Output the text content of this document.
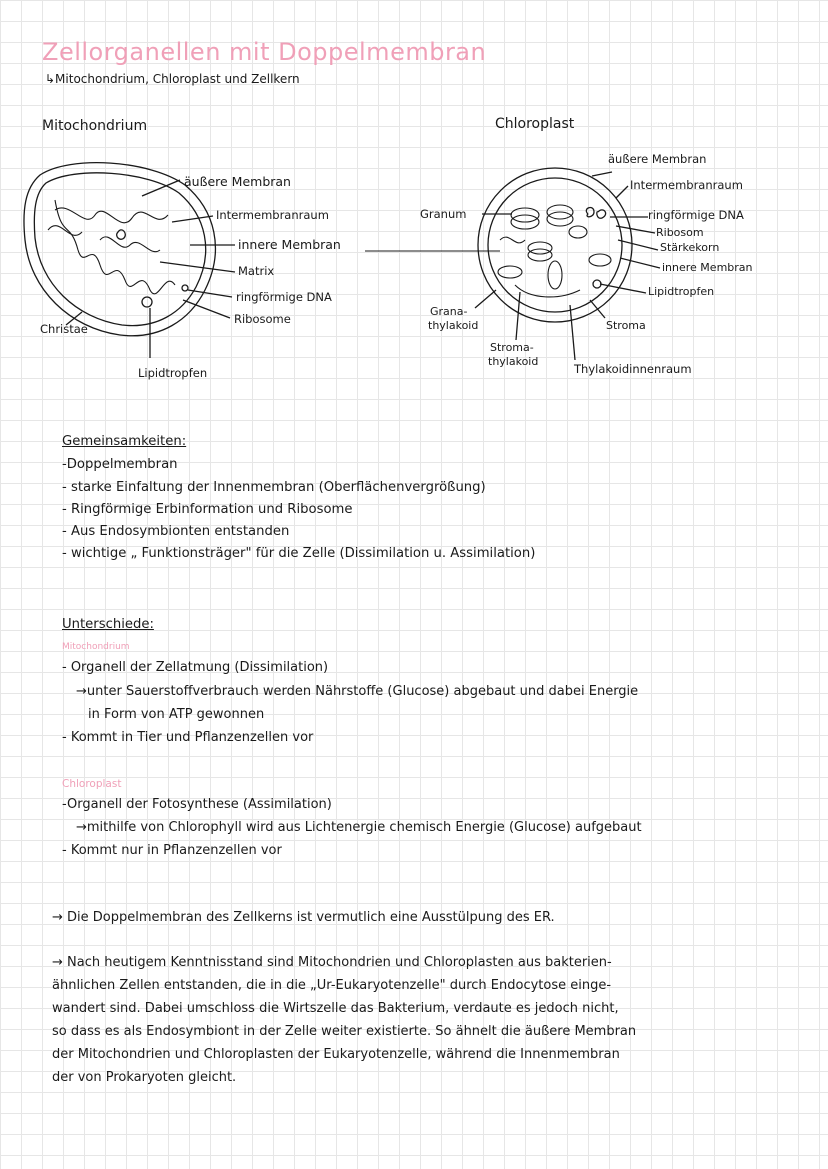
Zellorganellen mit Doppelmembran
↳Mitochondrium, Chloroplast und Zellkern
Mitochondrium
äußere Membran
Intermembranraum
innere Membran
Matrix
ringförmige DNA
Ribosome
Christae
Lipidtropfen
Chloroplast
äußere Membran
Intermembranraum
Granum	ringförmige DNA
Ribosom
Stärkekorn
innere Membran
Lipidtropfen
Grana-
thylakoid	Stroma
Stroma-
thylakoid
Thylakoidinnenraum
Gemeinsamkeiten:
-Doppelmembran
- starke Einfaltung der Innenmembran (Oberflächenvergrößung)
- Ringförmige Erbinformation und Ribosome
- Aus Endosymbionten entstanden
- wichtige „ Funktionsträger" für die Zelle (Dissimilation u. Assimilation)
Unterschiede:
Mitochondrium
- Organell der Zellatmung (Dissimilation)
→unter Sauerstoffverbrauch werden Nährstoffe (Glucose) abgebaut und dabei Energie
in Form von ATP gewonnen
- Kommt in Tier und Pflanzenzellen vor
Chloroplast
-Organell der Fotosynthese (Assimilation)
→mithilfe von Chlorophyll wird aus Lichtenergie chemisch Energie (Glucose) aufgebaut
- Kommt nur in Pflanzenzellen vor
→ Die Doppelmembran des Zellkerns ist vermutlich eine Ausstülpung des ER.
→ Nach heutigem Kenntnisstand sind Mitochondrien und Chloroplasten aus bakterien-
ähnlichen Zellen entstanden, die in die „Ur-Eukaryotenzelle" durch Endocytose einge-
wandert sind. Dabei umschloss die Wirtszelle das Bakterium, verdaute es jedoch nicht,
so dass es als Endosymbiont in der Zelle weiter existierte. So ähnelt die äußere Membran
der Mitochondrien und Chloroplasten der Eukaryotenzelle, während die Innenmembran
der von Prokaryoten gleicht.
